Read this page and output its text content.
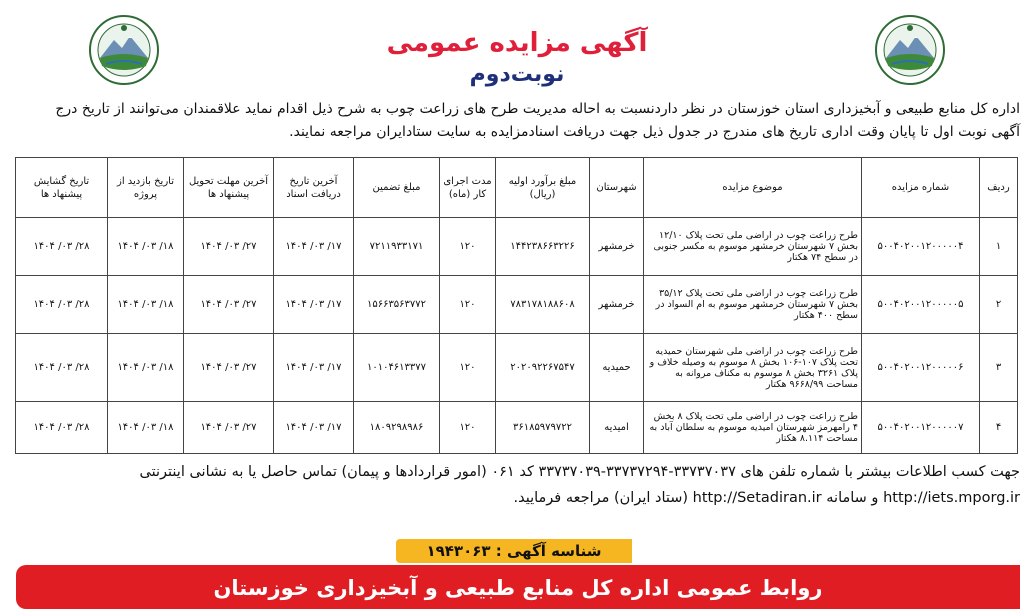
آگهی مزایده عمومی
نوبت‌دوم

اداره کل منابع طبیعی و آبخیزداری استان خوزستان در نظر داردنسبت به احاله مدیریت طرح های زراعت چوب به شرح ذیل اقدام نماید علاقمندان می‌توانند از تاریخ درج

آگهی نوبت اول تا پایان وقت اداری تاریخ های مندرج در جدول ذیل جهت دریافت اسنادمزایده به سایت ستادایران مراجعه نمایند.

ردیف	شماره مزایده	موضوع مزایده	شهرستان	مبلغ برآورد اولیه (ریال)	مدت اجرای کار (ماه)	مبلغ تضمین	آخرین تاریخ دریافت اسناد	آخرین مهلت تحویل پیشنهاد ها	تاریخ بازدید از پروژه	تاریخ گشایش پیشنهاد ها
۱	۵۰۰۴۰۲۰۰۱۲۰۰۰۰۰۴	طرح زراعت چوب در اراضی ملی تحت پلاک ۱۲/۱۰ بخش ۷ شهرستان خرمشهر موسوم به مکسر جنوبی در سطح ۷۴ هکتار	خرمشهر	۱۴۴۲۳۸۶۶۳۲۲۶	۱۲۰	۷۲۱۱۹۳۳۱۷۱	۱۷/ ۰۳/ ۱۴۰۴	۲۷/ ۰۳/ ۱۴۰۴	۱۸/ ۰۳/ ۱۴۰۴	۲۸/ ۰۳/ ۱۴۰۴
۲	۵۰۰۴۰۲۰۰۱۲۰۰۰۰۰۵	طرح زراعت چوب در اراضی ملی تحت پلاک ۳۵/۱۲ بخش ۷ شهرستان خرمشهر موسوم به ام السواد در سطح ۴۰۰ هکتار	خرمشهر	۷۸۳۱۷۸۱۸۸۶۰۸	۱۲۰	۱۵۶۶۳۵۶۳۷۷۲	۱۷/ ۰۳/ ۱۴۰۴	۲۷/ ۰۳/ ۱۴۰۴	۱۸/ ۰۳/ ۱۴۰۴	۲۸/ ۰۳/ ۱۴۰۴
۳	۵۰۰۴۰۲۰۰۱۲۰۰۰۰۰۶	طرح زراعت چوب در اراضی ملی شهرستان حمیدیه تحت پلاک ۱۰۷-۱۰۶ بخش ۸ موسوم به وصیله خلاف و پلاک ۳۲۶۱ بخش ۸ موسوم به مکناف مروانه به مساحت ۹۶۶۸/۹۹ هکتار	حمیدیه	۲۰۲۰۹۲۲۶۷۵۴۷	۱۲۰	۱۰۱۰۴۶۱۳۳۷۷	۱۷/ ۰۳/ ۱۴۰۴	۲۷/ ۰۳/ ۱۴۰۴	۱۸/ ۰۳/ ۱۴۰۴	۲۸/ ۰۳/ ۱۴۰۴
۴	۵۰۰۴۰۲۰۰۱۲۰۰۰۰۰۷	طرح زراعت چوب در اراضی ملی تحت پلاک ۸ بخش ۴ رامهرمز شهرستان امیدیه موسوم به سلطان آباد به مساحت ۸.۱۱۴ هکتار	امیدیه	۳۶۱۸۵۹۷۹۷۲۲	۱۲۰	۱۸۰۹۲۹۸۹۸۶	۱۷/ ۰۳/ ۱۴۰۴	۲۷/ ۰۳/ ۱۴۰۴	۱۸/ ۰۳/ ۱۴۰۴	۲۸/ ۰۳/ ۱۴۰۴

جهت کسب اطلاعات بیشتر با شماره تلفن های ۳۳۷۳۷۰۳۷-۳۳۷۳۷۲۹۴-۳۳۷۳۷۰۳۹ کد ۰۶۱ (امور قراردادها و پیمان) تماس حاصل یا به نشانی اینترنتی

http://iets.mporg.ir و سامانه http://Setadiran.ir (ستاد ایران) مراجعه فرمایید.

شناسه آگهی : ۱۹۴۳۰۶۳
روابط عمومی اداره کل منابع طبیعی و آبخیزداری خوزستان
